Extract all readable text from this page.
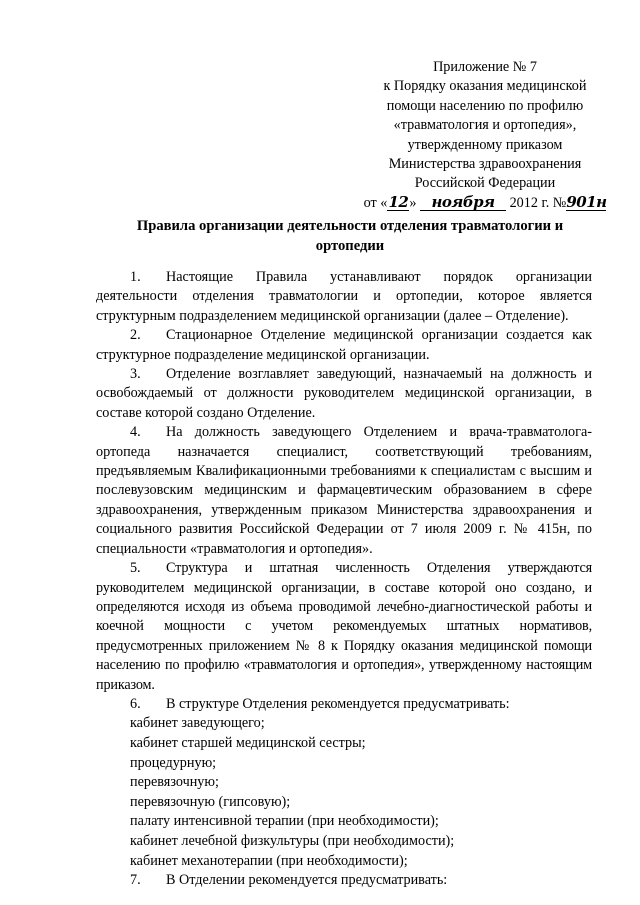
Приложение № 7
к Порядку оказания медицинской
помощи населению по профилю
«травматология и ортопедия»,
утвержденному приказом
Министерства здравоохранения
Российской Федерации
от «12» ноября 2012 г. №901н
Правила организации деятельности отделения травматологии и
ортопедии

1. Настоящие Правила устанавливают порядок организации деятельности отделения травматологии и ортопедии, которое является структурным подразделением медицинской организации (далее – Отделение).

2. Стационарное Отделение медицинской организации создается как структурное подразделение медицинской организации.

3. Отделение возглавляет заведующий, назначаемый на должность и освобождаемый от должности руководителем медицинской организации, в составе которой создано Отделение.

4. На должность заведующего Отделением и врача-травматолога-ортопеда назначается специалист, соответствующий требованиям, предъявляемым Квалификационными требованиями к специалистам с высшим и послевузовским медицинским и фармацевтическим образованием в сфере здравоохранения, утвержденным приказом Министерства здравоохранения и социального развития Российской Федерации от 7 июля 2009 г. № 415н, по специальности «травматология и ортопедия».

5. Структура и штатная численность Отделения утверждаются руководителем медицинской организации, в составе которой оно создано, и определяются исходя из объема проводимой лечебно-диагностической работы и коечной мощности с учетом рекомендуемых штатных нормативов, предусмотренных приложением № 8 к Порядку оказания медицинской помощи населению по профилю «травматология и ортопедия», утвержденному настоящим приказом.

6. В структуре Отделения рекомендуется предусматривать:

кабинет заведующего;

кабинет старшей медицинской сестры;

процедурную;

перевязочную;

перевязочную (гипсовую);

палату интенсивной терапии (при необходимости);

кабинет лечебной физкультуры (при необходимости);

кабинет механотерапии (при необходимости);

7. В Отделении рекомендуется предусматривать:
